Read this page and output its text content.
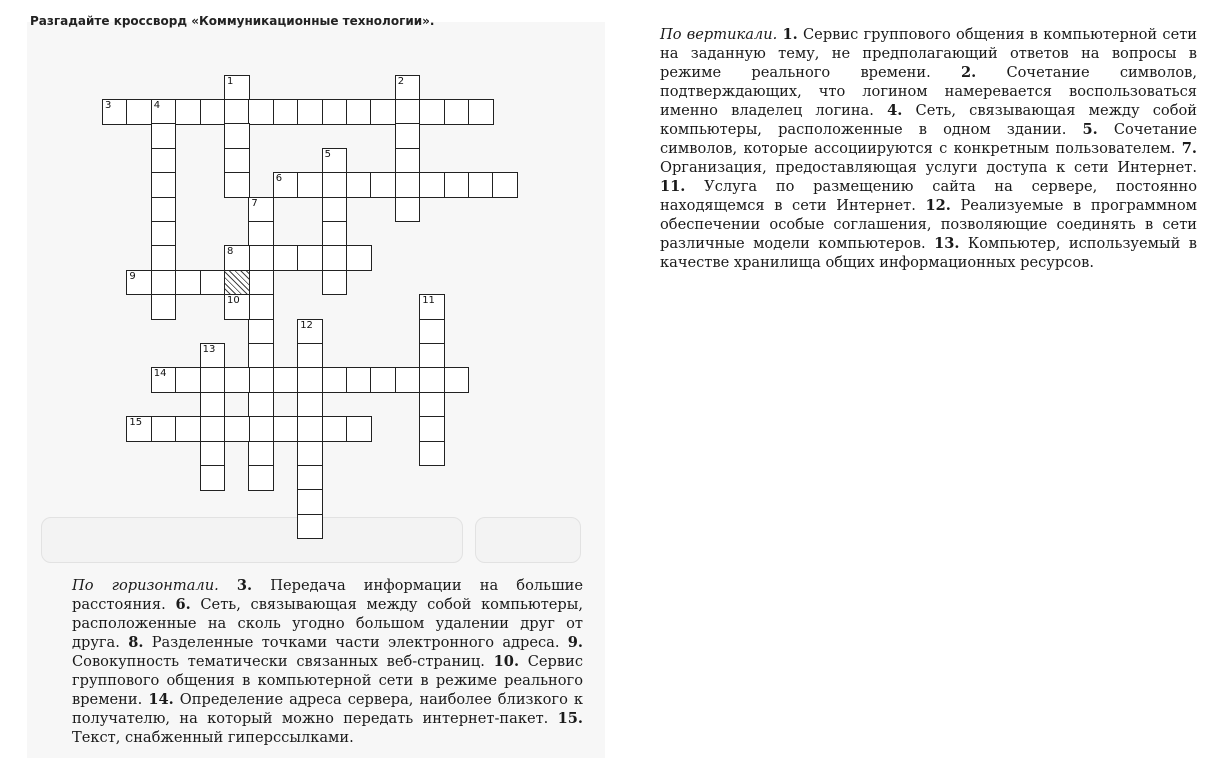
Разгадайте кроссворд «Коммуникационные технологии».
3	4
1	2
5
6
7
8
9
10	11
12
13
14
15
По вертикали. 1. Сервис группового общения в компьютерной сети на заданную тему, не предполагающий ответов на вопросы в режиме реального времени. 2. Сочетание символов, подтверждающих, что логином намеревается воспользоваться именно владелец логина. 4. Сеть, связывающая между собой компьютеры, расположенные в одном здании. 5. Сочетание символов, которые ассоциируются с конкретным пользователем. 7. Организация, предоставляющая услуги доступа к сети Интернет. 11. Услуга по размещению сайта на сервере, постоянно находящемся в сети Интернет. 12. Реализуемые в программном обеспечении особые соглашения, позволяющие соединять в сети различные модели компьютеров. 13. Компьютер, используемый в качестве хранилища общих информационных ресурсов.
По горизонтали. 3. Передача информации на большие расстояния. 6. Сеть, связывающая между собой компьютеры, расположенные на сколь угодно большом удалении друг от друга. 8. Разделенные точками части электронного адреса. 9. Совокупность тематически связанных веб-страниц. 10. Сервис группового общения в компьютерной сети в режиме реального времени. 14. Определение адреса сервера, наиболее близкого к получателю, на который можно передать интернет-пакет. 15. Текст, снабженный гиперссылками.
